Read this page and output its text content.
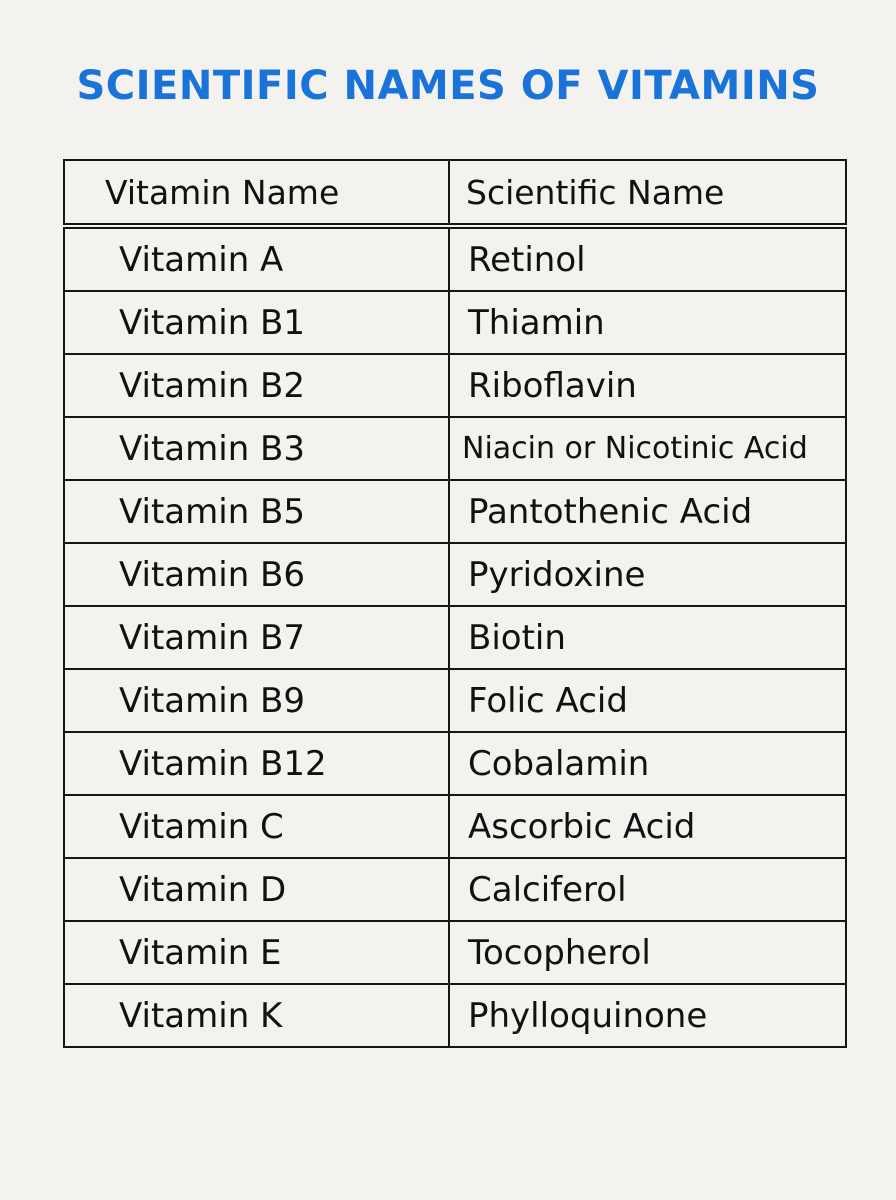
SCIENTIFIC NAMES OF VITAMINS
Vitamin Name	Scientific Name
Vitamin A	Retinol
Vitamin B1	Thiamin
Vitamin B2	Riboflavin
Vitamin B3	Niacin or Nicotinic Acid
Vitamin B5	Pantothenic Acid
Vitamin B6	Pyridoxine
Vitamin B7	Biotin
Vitamin B9	Folic Acid
Vitamin B12	Cobalamin
Vitamin C	Ascorbic Acid
Vitamin D	Calciferol
Vitamin E	Tocopherol
Vitamin K	Phylloquinone
